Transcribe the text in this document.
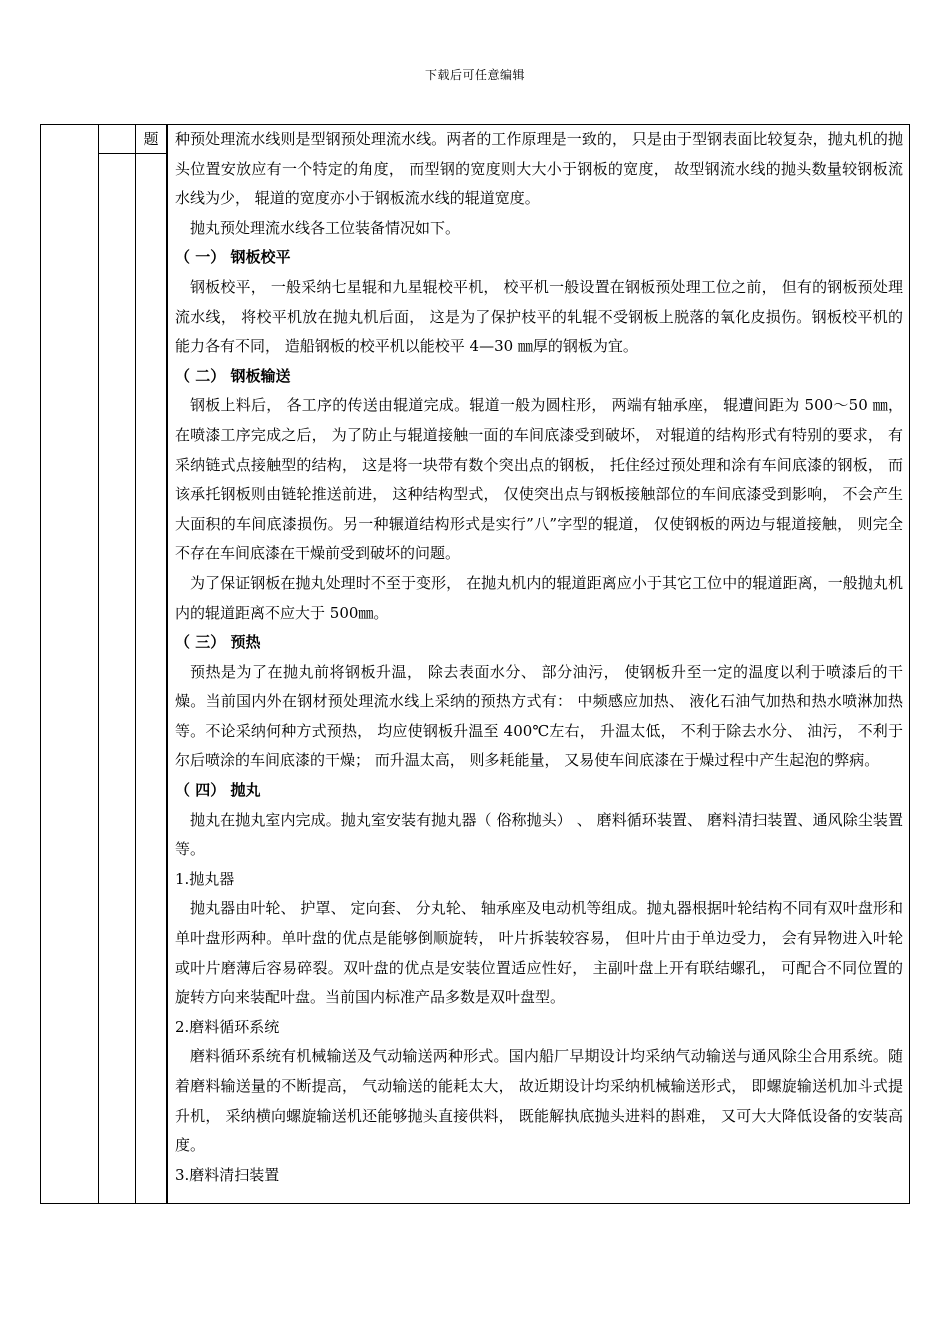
下载后可任意编辑
题	种预处理流水线则是型钢预处理流水线。两者的工作原理是一致的， 只是由于型钢表面比较复杂，抛丸机的抛头位置安放应有一个特定的角度， 而型钢的宽度则大大小于钢板的宽度， 故型钢流水线的抛头数量较钢板流水线为少， 辊道的宽度亦小于钢板流水线的辊道宽度。

抛丸预处理流水线各工位装备情况如下。

（ 一） 钢板校平

钢板校平， 一般采纳七星辊和九星辊校平机， 校平机一般设置在钢板预处理工位之前， 但有的钢板预处理流水线， 将校平机放在抛丸机后面， 这是为了保护枝平的轧辊不受钢板上脱落的氧化皮损伤。钢板校平机的能力各有不同， 造船钢板的校平机以能校平 4—30 ㎜厚的钢板为宜。

（ 二） 钢板输送

钢板上料后， 各工序的传送由辊道完成。辊道一般为圆柱形， 两端有轴承座， 辊遭间距为 500～50 ㎜， 在喷漆工序完成之后， 为了防止与辊道接触一面的车间底漆受到破坏， 对辊道的结构形式有特别的要求， 有采纳链式点接触型的结构， 这是将一块带有数个突出点的钢板， 托住经过预处理和涂有车间底漆的钢板， 而该承托钢板则由链轮推送前进， 这种结构型式， 仅使突出点与钢板接触部位的车间底漆受到影响， 不会产生大面积的车间底漆损伤。另一种辗道结构形式是实行”八”字型的辊道， 仅使钢板的两边与辊道接触， 则完全不存在车间底漆在干燥前受到破坏的问题。

为了保证钢板在抛丸处理时不至于变形， 在抛丸机内的辊道距离应小于其它工位中的辊道距离，一般抛丸机内的辊道距离不应大于 500㎜。

（ 三） 预热

预热是为了在抛丸前将钢板升温， 除去表面水分、 部分油污， 使钢板升至一定的温度以利于喷漆后的干燥。当前国内外在钢材预处理流水线上采纳的预热方式有： 中频感应加热、 液化石油气加热和热水喷淋加热等。不论采纳何种方式预热， 均应使钢板升温至 400℃左右， 升温太低， 不利于除去水分、 油污， 不利于尔后喷涂的车间底漆的干燥； 而升温太高， 则多耗能量， 又易使车间底漆在于燥过程中产生起泡的弊病。

（ 四） 抛丸

抛丸在抛丸室内完成。抛丸室安装有抛丸器（ 俗称抛头） 、 磨料循环装置、 磨料清扫装置、通风除尘装置等。

1.抛丸器

抛丸器由叶轮、 护罩、 定向套、 分丸轮、 轴承座及电动机等组成。抛丸器根据叶轮结构不同有双叶盘形和单叶盘形两种。单叶盘的优点是能够倒顺旋转， 叶片拆装较容易， 但叶片由于单边受力， 会有异物进入叶轮或叶片磨薄后容易碎裂。双叶盘的优点是安装位置适应性好， 主副叶盘上开有联结螺孔， 可配合不同位置的旋转方向来装配叶盘。当前国内标准产品多数是双叶盘型。

2.磨料循环系统

磨料循环系统有机械输送及气动输送两种形式。国内船厂早期设计均采纳气动输送与通风除尘合用系统。随着磨料输送量的不断提高， 气动输送的能耗太大， 故近期设计均采纳机械输送形式， 即螺旋输送机加斗式提升机， 采纳横向螺旋输送机还能够抛头直接供料， 既能解执底抛头进料的斟难， 又可大大降低设备的安装高度。

3.磨料清扫装置
